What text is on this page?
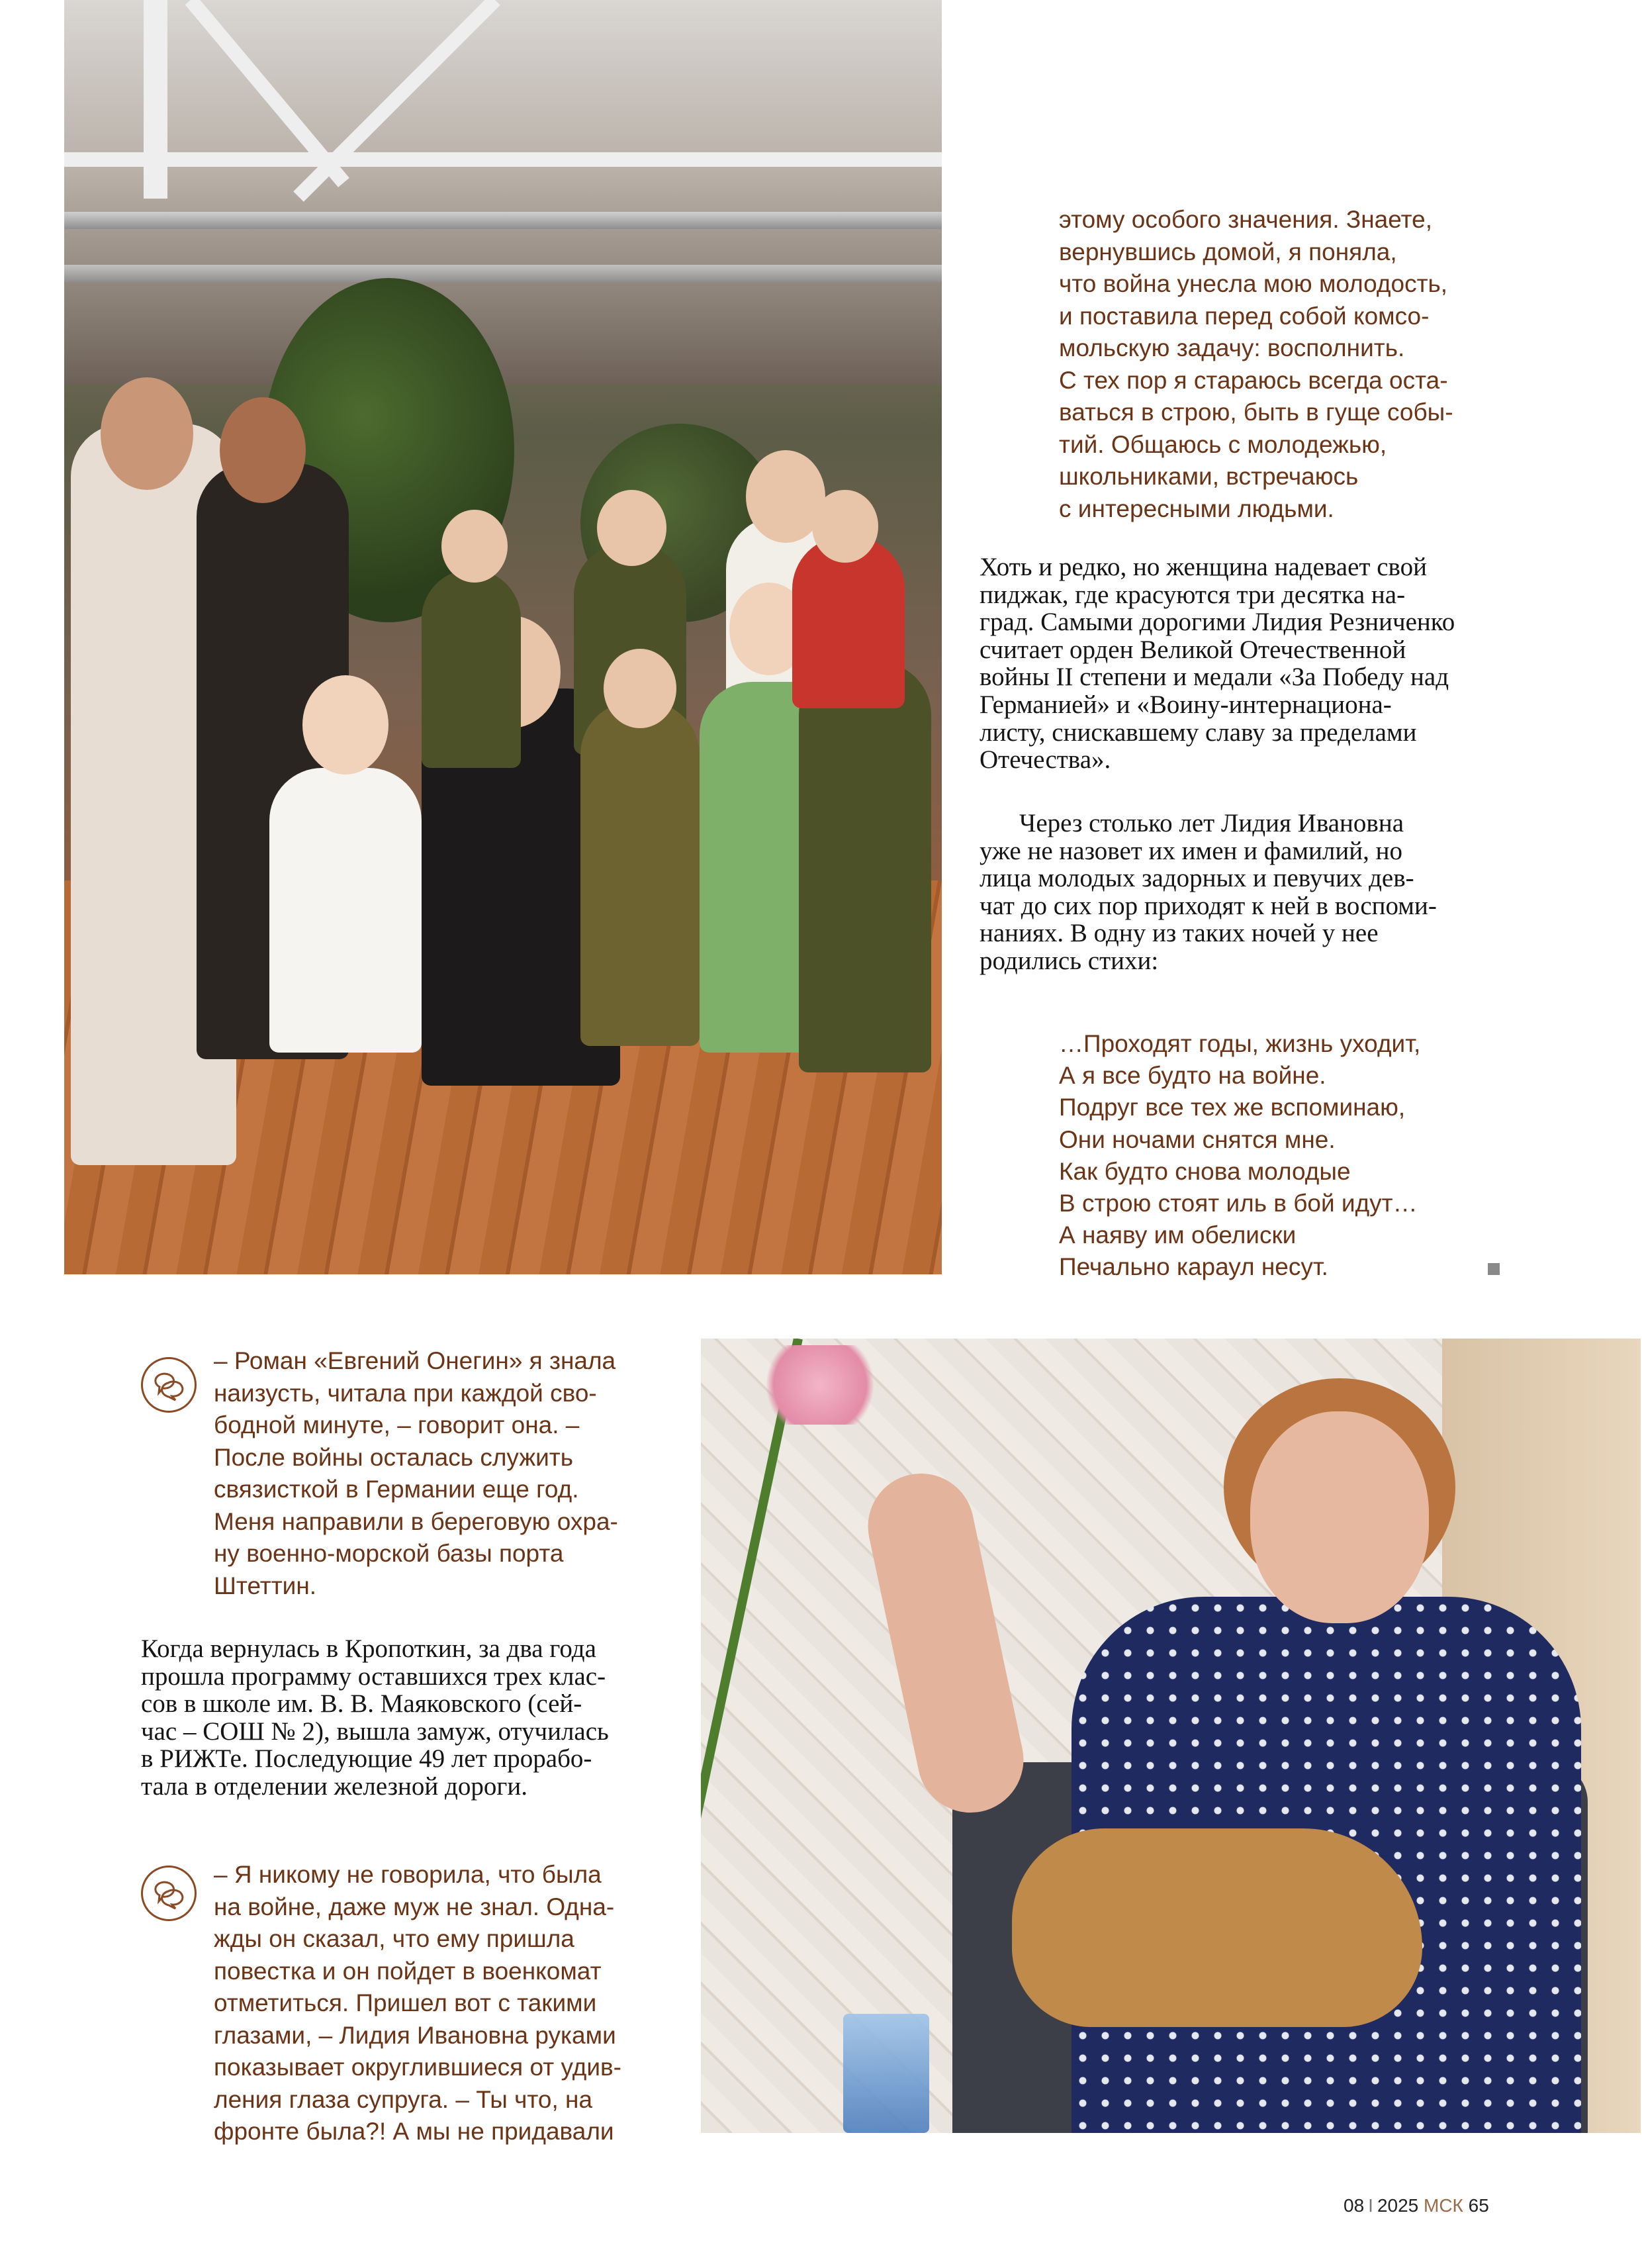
этому особого значения. Знаете,
вернувшись домой, я поняла,
что война унесла мою молодость,
и поставила перед собой комсо-
мольскую задачу: восполнить.
С тех пор я стараюсь всегда оста-
ваться в строю, быть в гуще собы-
тий. Общаюсь с молодежью,
школьниками, встречаюсь
с интересными людьми.

Хоть и редко, но женщина надевает свой
пиджак, где красуются три десятка на-
град. Самыми дорогими Лидия Резниченко
считает орден Великой Отечественной
войны II степени и медали «За Победу над
Германией» и «Воину-интернациона-
листу, снискавшему славу за пределами
Отечества».

Через столько лет Лидия Ивановна
уже не назовет их имен и фамилий, но
лица молодых задорных и певучих дев-
чат до сих пор приходят к ней в воспоми-
наниях. В одну из таких ночей у нее
родились стихи:

…Проходят годы, жизнь уходит,
А я все будто на войне.
Подруг все тех же вспоминаю,
Они ночами снятся мне.
Как будто снова молодые
В строю стоят иль в бой идут…
А наяву им обелиски
Печально караул несут.

– Роман «Евгений Онегин» я знала
наизусть, читала при каждой сво-
бодной минуте, – говорит она. –
После войны осталась служить
связисткой в Германии еще год.
Меня направили в береговую охра-
ну военно-морской базы порта
Штеттин.

Когда вернулась в Кропоткин, за два года
прошла программу оставшихся трех клас-
сов в школе им. В. В. Маяковского (сей-
час – СОШ № 2), вышла замуж, отучилась
в РИЖТе. Последующие 49 лет прорабо-
тала в отделении железной дороги.

– Я никому не говорила, что была
на войне, даже муж не знал. Одна-
жды он сказал, что ему пришла
повестка и он пойдет в военкомат
отметиться. Пришел вот с такими
глазами, – Лидия Ивановна руками
показывает округлившиеся от удив-
ления глаза супруга. – Ты что, на
фронте была?! А мы не придавали

08 I 2025 МСК 65
